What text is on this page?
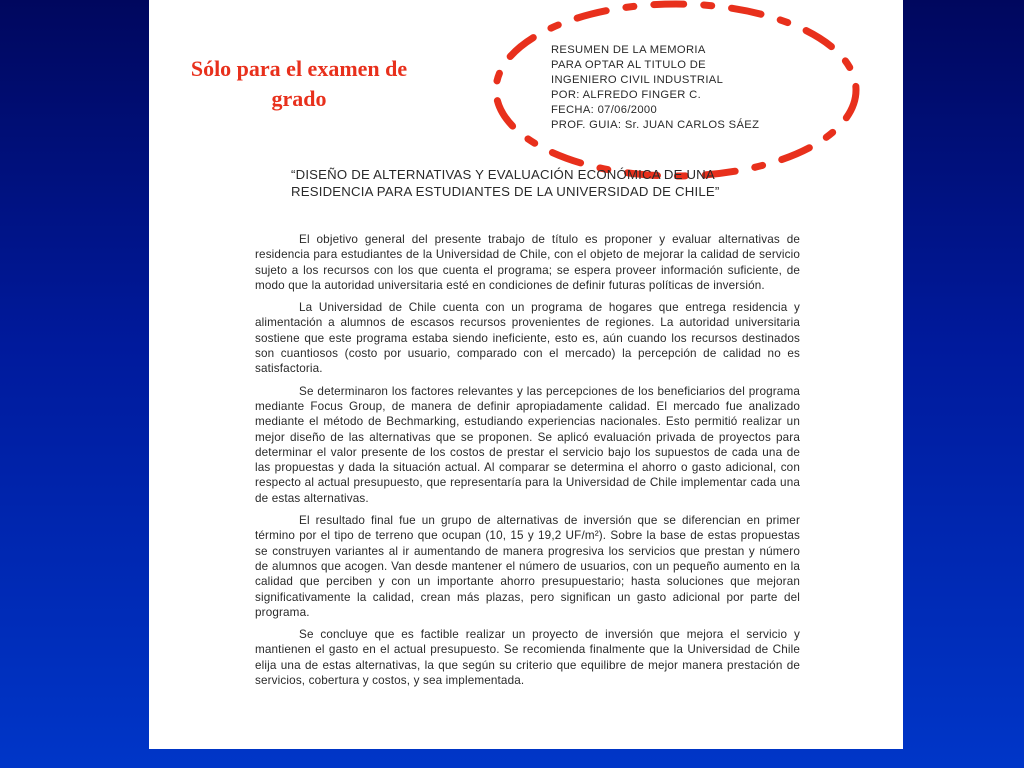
Sólo para el examen de
grado

RESUMEN DE LA MEMORIA
PARA OPTAR AL TITULO DE
INGENIERO CIVIL INDUSTRIAL
POR: ALFREDO FINGER C.
FECHA: 07/06/2000
PROF. GUIA: Sr. JUAN CARLOS SÁEZ
“DISEÑO DE ALTERNATIVAS Y EVALUACIÓN ECONÓMICA DE UNA
RESIDENCIA PARA ESTUDIANTES DE LA UNIVERSIDAD DE CHILE”

El objetivo general del presente trabajo de título es proponer y evaluar alternativas de residencia para estudiantes de la Universidad de Chile, con el objeto de mejorar la calidad de servicio sujeto a los recursos con los que cuenta el programa; se espera proveer información suficiente, de modo que la autoridad universitaria esté en condiciones de definir futuras políticas de inversión.

La Universidad de Chile cuenta con un programa de hogares que entrega residencia y alimentación a alumnos de escasos recursos provenientes de regiones. La autoridad universitaria sostiene que este programa estaba siendo ineficiente, esto es, aún cuando los recursos destinados son cuantiosos (costo por usuario, comparado con el mercado) la percepción de calidad no es satisfactoria.

Se determinaron los factores relevantes y las percepciones de los beneficiarios del programa mediante Focus Group, de manera de definir apropiadamente calidad. El mercado fue analizado mediante el método de Bechmarking, estudiando experiencias nacionales. Esto permitió realizar un mejor diseño de las alternativas que se proponen. Se aplicó evaluación privada de proyectos para determinar el valor presente de los costos de prestar el servicio bajo los supuestos de cada una de las propuestas y dada la situación actual. Al comparar se determina el ahorro o gasto adicional, con respecto al actual presupuesto, que representaría para la Universidad de Chile implementar cada una de estas alternativas.

El resultado final fue un grupo de alternativas de inversión que se diferencian en primer término por el tipo de terreno que ocupan (10, 15 y 19,2 UF/m²). Sobre la base de estas propuestas se construyen variantes al ir aumentando de manera progresiva los servicios que prestan y número de alumnos que acogen. Van desde mantener el número de usuarios, con un pequeño aumento en la calidad que perciben y con un importante ahorro presupuestario; hasta soluciones que mejoran significativamente la calidad, crean más plazas, pero significan un gasto adicional por parte del programa.

Se concluye que es factible realizar un proyecto de inversión que mejora el servicio y mantienen el gasto en el actual presupuesto. Se recomienda finalmente que la Universidad de Chile elija una de estas alternativas, la que según su criterio que equilibre de mejor manera prestación de servicios, cobertura y costos, y sea implementada.
